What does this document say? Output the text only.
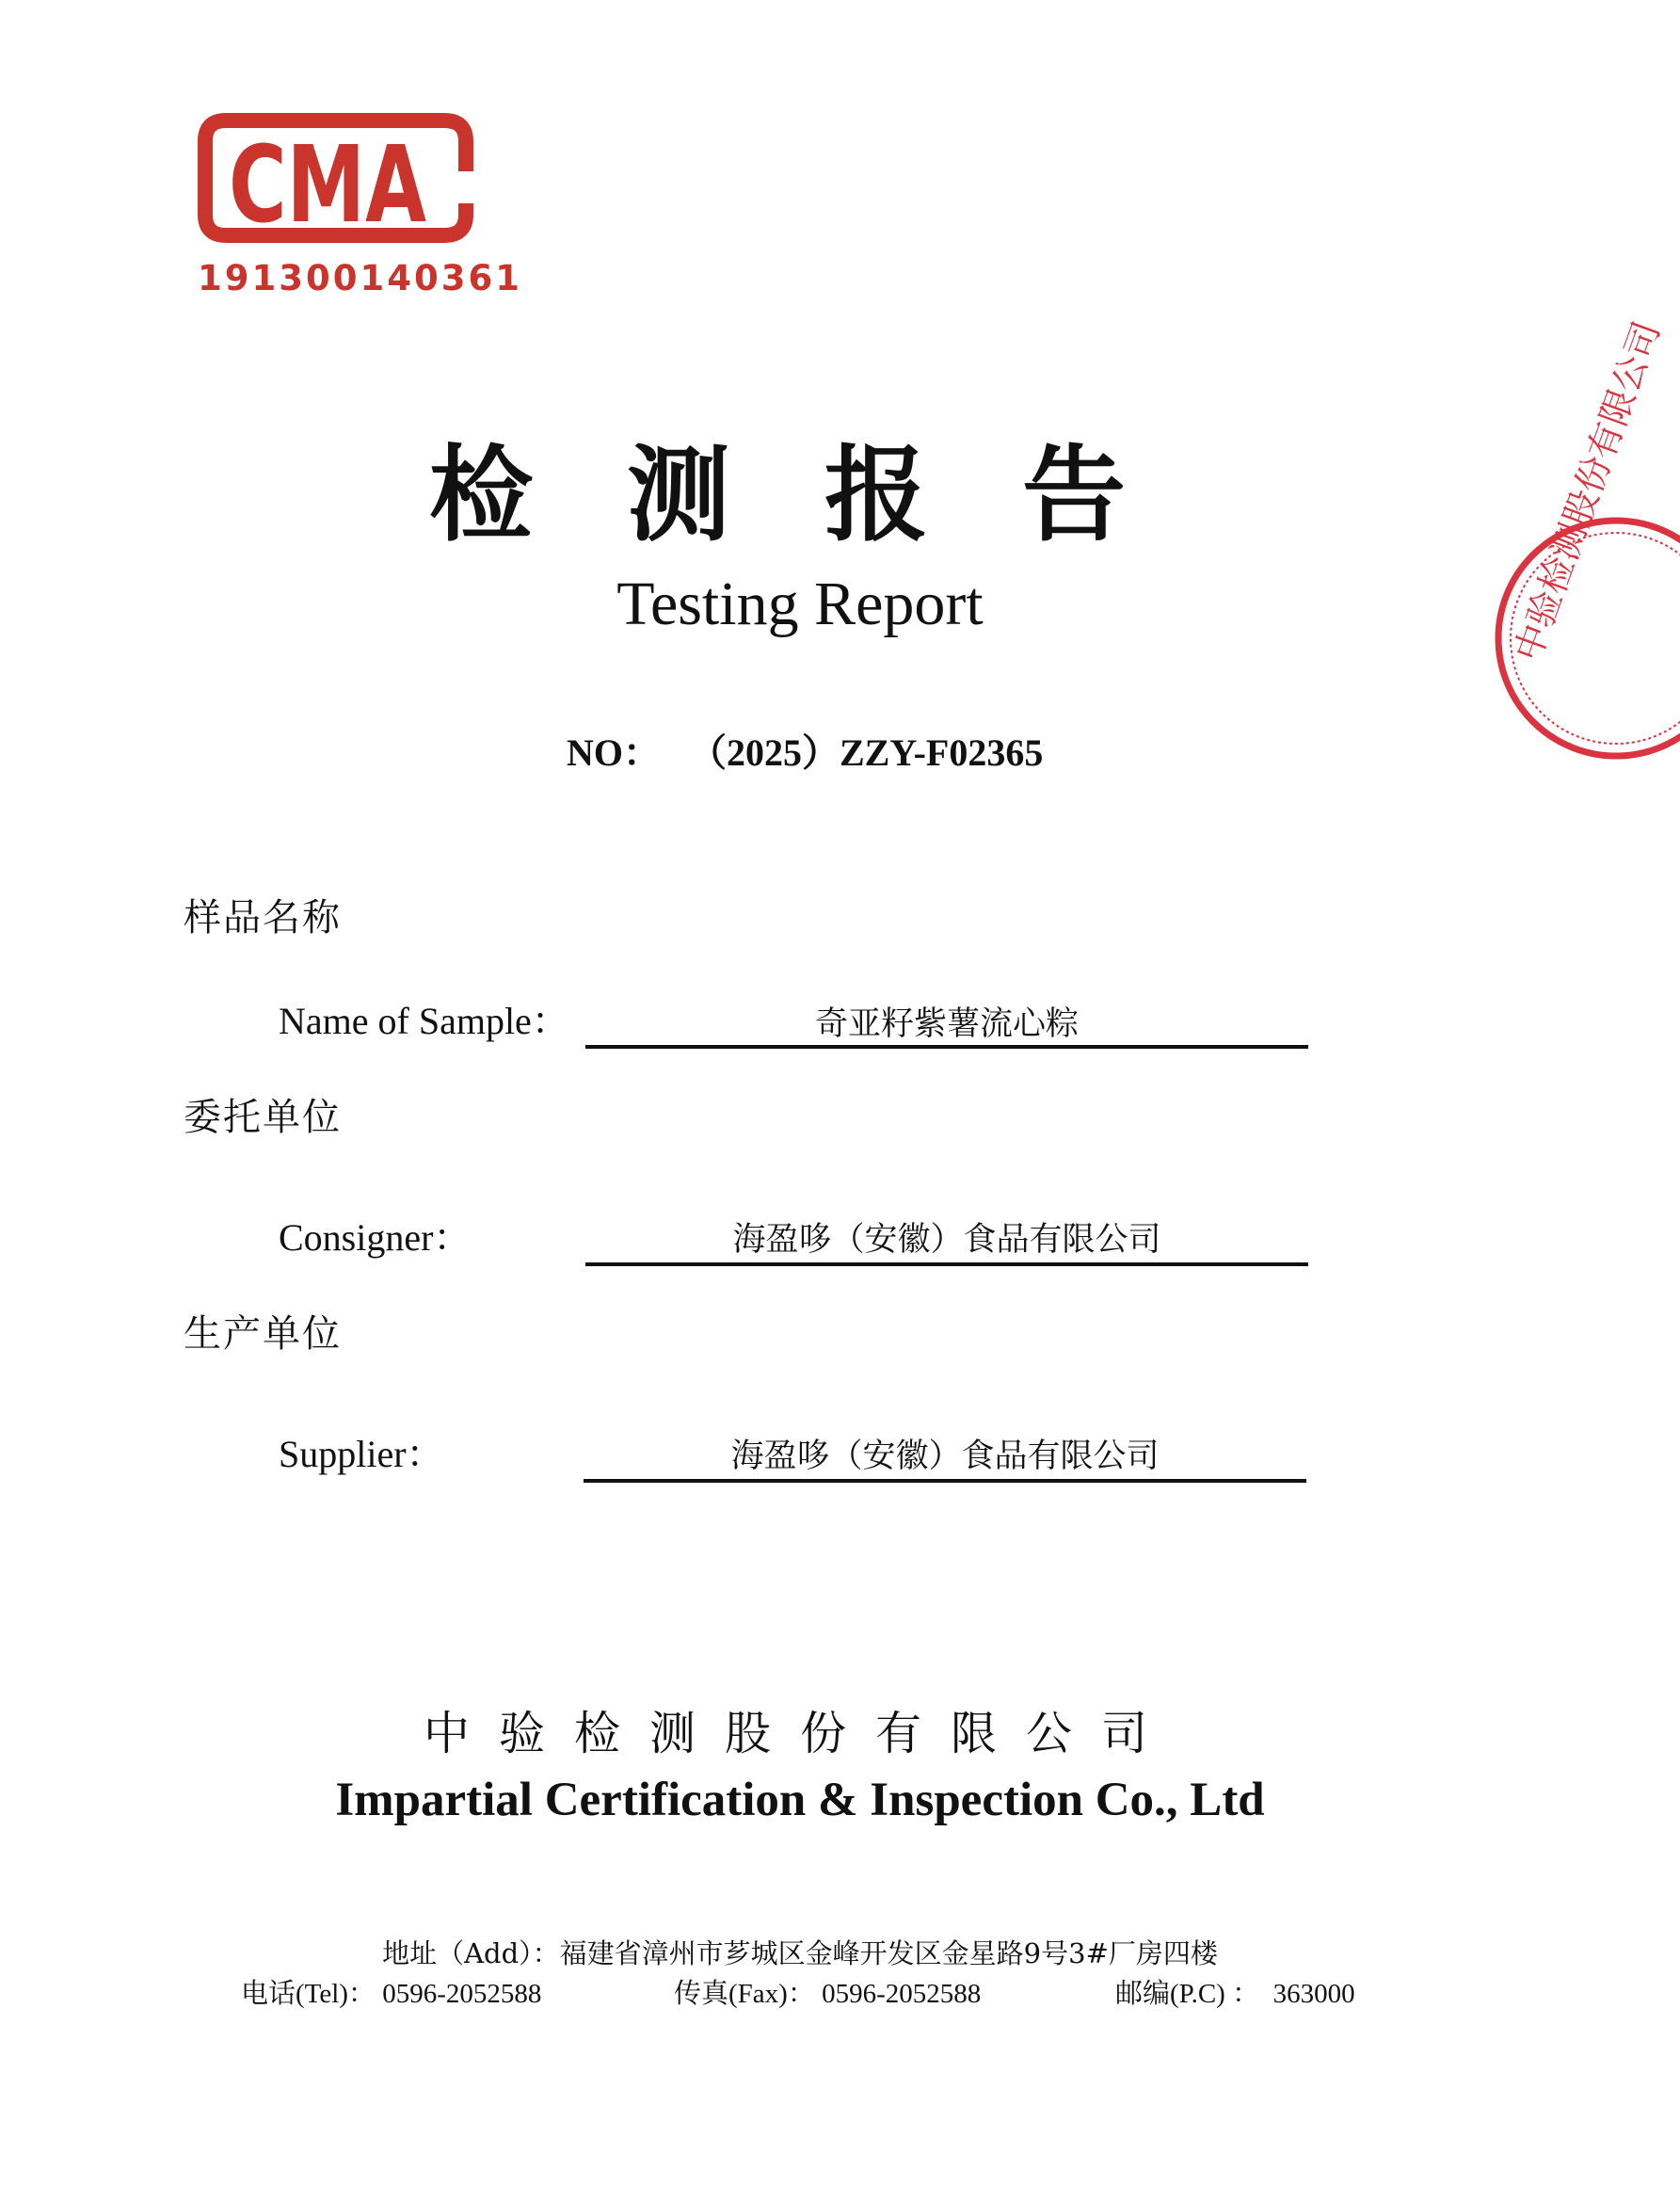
CMA
191300140361
中验检测股份有限公司
检测报告
Testing Report
NO： （2025）ZZY-F02365
样品名称
Name of Sample：	奇亚籽紫薯流心粽
委托单位
Consigner：	海盈哆（安徽）食品有限公司
生产单位
Supplier：	海盈哆（安徽）食品有限公司
中验检测股份有限公司
Impartial Certification & Inspection Co., Ltd
地址（Add）：福建省漳州市芗城区金峰开发区金星路9号3#厂房四楼
电话(Tel)： 0596-2052588	传真(Fax)： 0596-2052588	邮编(P.C) ： 363000
